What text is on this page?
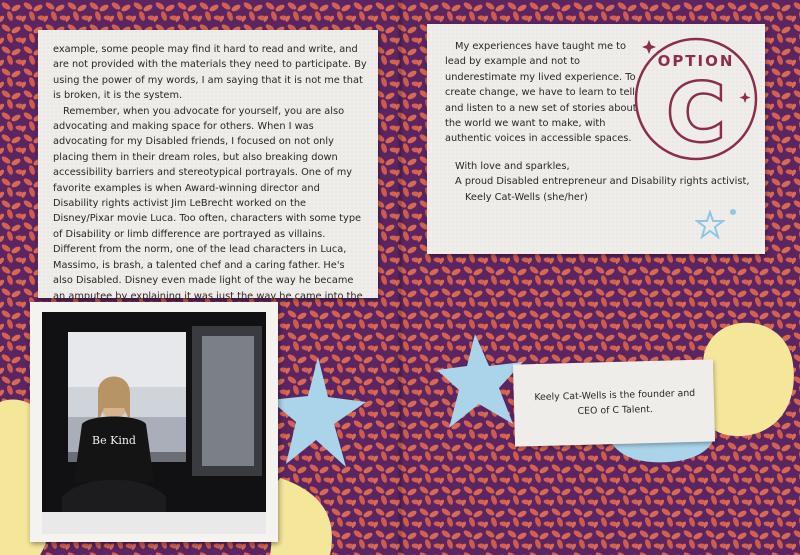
example, some people may find it hard to read and write, and are not provided with the materials they need to participate. By using the power of my words, I am saying that it is not me that is broken, it is the system.

Remember, when you advocate for yourself, you are also advocating and making space for others. When I was advocating for my Disabled friends, I focused on not only placing them in their dream roles, but also breaking down accessibility barriers and stereotypical portrayals. One of my favorite examples is when Award-winning director and Disability rights activist Jim LeBrecht worked on the Disney/Pixar movie Luca. Too often, characters with some type of Disability or limb difference are portrayed as villains. Different from the norm, one of the lead characters in Luca, Massimo, is brash, a talented chef and a caring father. He's also Disabled. Disney even made light of the way he became an amputee by explaining it was just the way he came into the

Be Kind

My experiences have taught me to lead by example and not to underestimate my lived experience. To create change, we have to learn to tell and listen to a new set of stories about the world we want to make, with authentic voices in accessible spaces.

With love and sparkles,

A proud Disabled entrepreneur and Disability rights activist,

Keely Cat-Wells (she/her)

OPTION
C
Keely Cat-Wells is the founder and CEO of C Talent.
